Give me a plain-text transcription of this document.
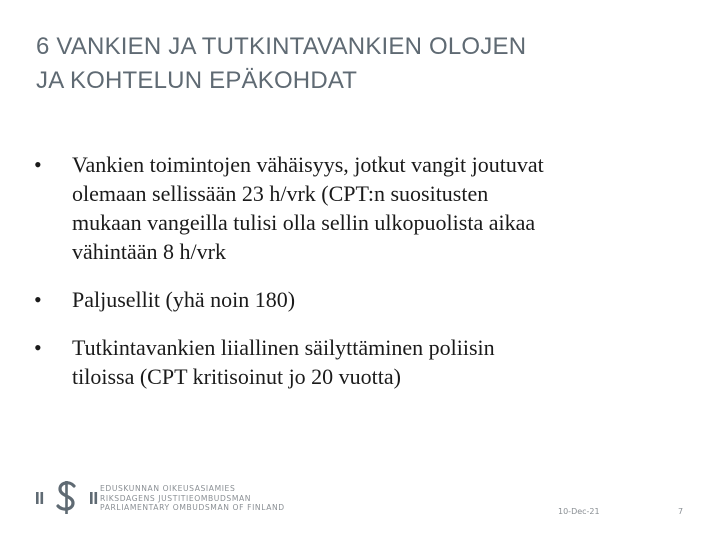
6 VANKIEN JA TUTKINTAVANKIEN OLOJEN
JA KOHTELUN EPÄKOHDAT
•	Vankien toimintojen vähäisyys, jotkut vangit joutuvat
olemaan sellissään 23 h/vrk (CPT:n suositusten
mukaan vangeilla tulisi olla sellin ulkopuolista aikaa
vähintään 8 h/vrk
•	Paljusellit (yhä noin 180)
•	Tutkintavankien liiallinen säilyttäminen poliisin
tiloissa (CPT kritisoinut jo 20 vuotta)
EDUSKUNNAN OIKEUSASIAMIES
RIKSDAGENS JUSTITIEOMBUDSMAN
PARLIAMENTARY OMBUDSMAN OF FINLAND	10-Dec-21	7
